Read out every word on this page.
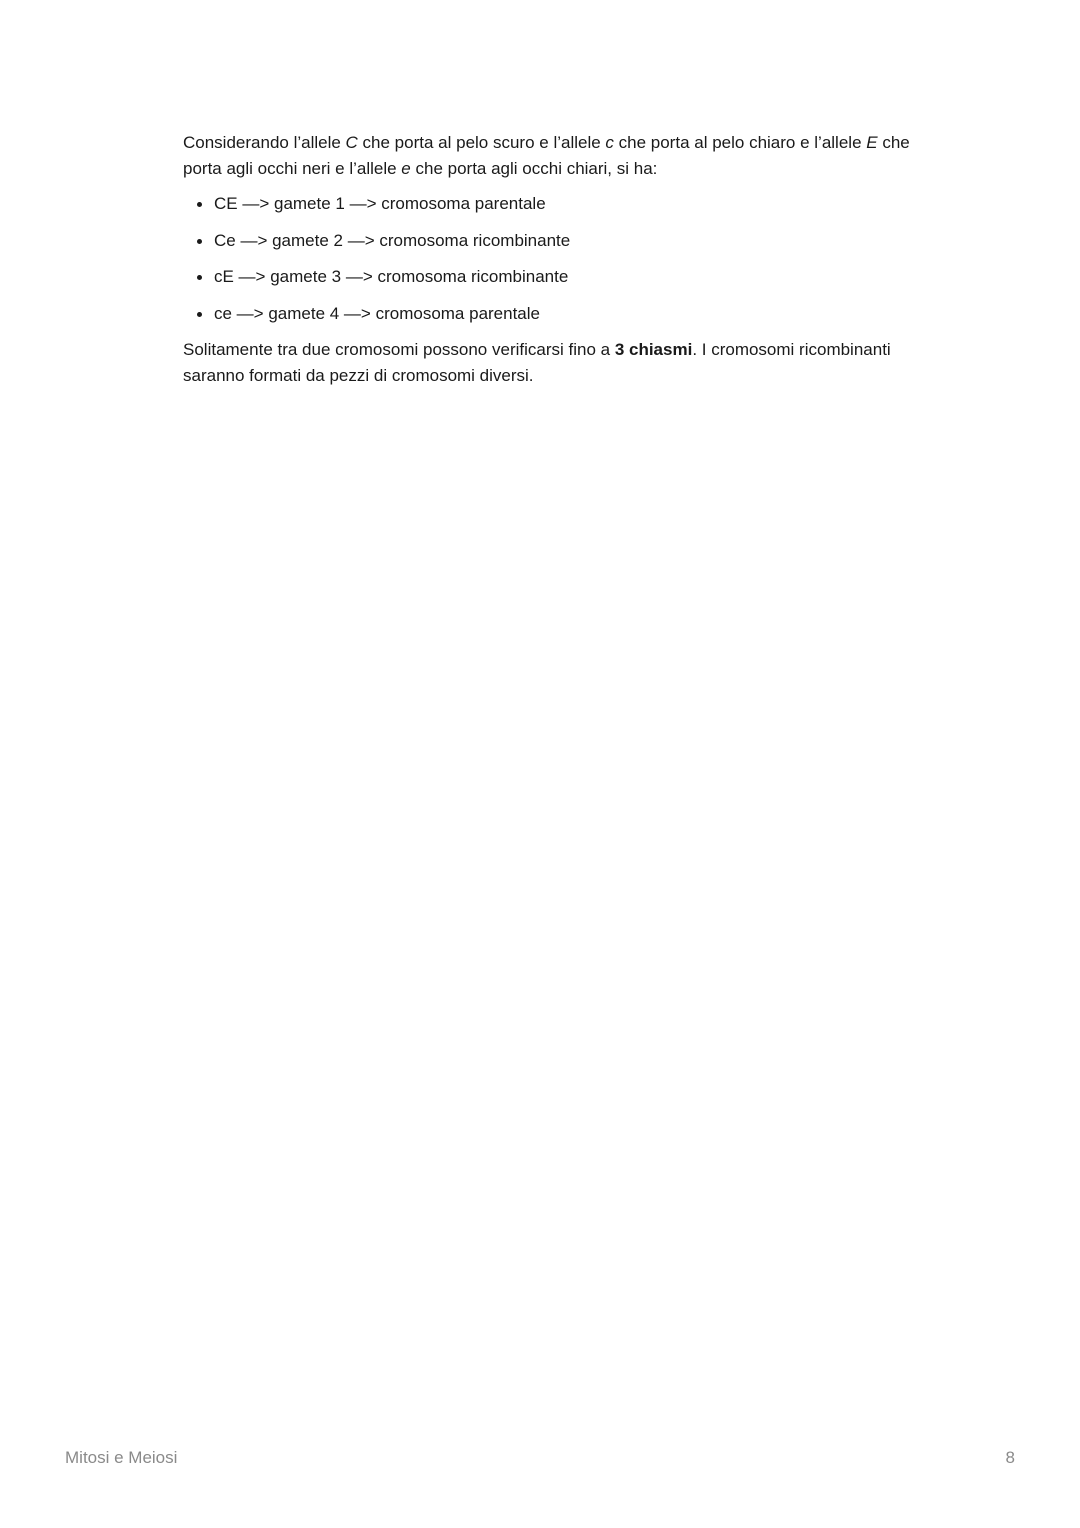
Considerando l’allele C che porta al pelo scuro e l’allele c che porta al pelo chiaro e l’allele E che porta agli occhi neri e l’allele e che porta agli occhi chiari, si ha:

CE —> gamete 1 —> cromosoma parentale
Ce —> gamete 2 —> cromosoma ricombinante
cE —> gamete 3 —> cromosoma ricombinante
ce —> gamete 4 —> cromosoma parentale

Solitamente tra due cromosomi possono verificarsi fino a 3 chiasmi. I cromosomi ricombinanti saranno formati da pezzi di cromosomi diversi.

Mitosi e Meiosi	8
